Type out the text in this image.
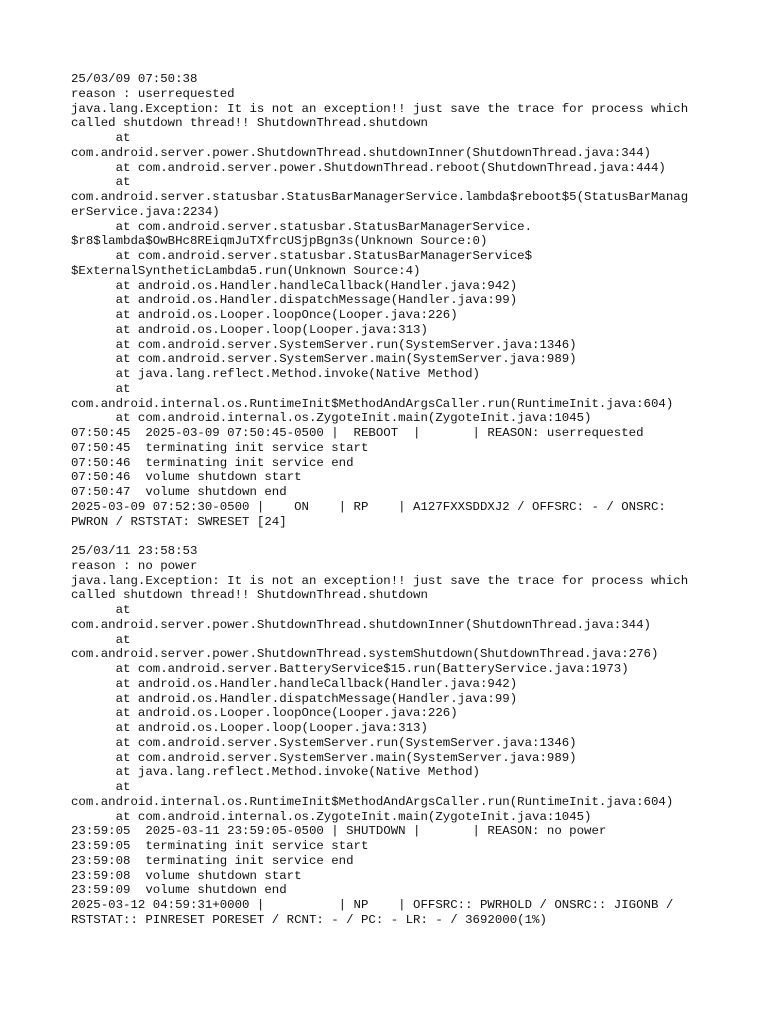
25/03/09 07:50:38
reason : userrequested
java.lang.Exception: It is not an exception!! just save the trace for process which
called shutdown thread!! ShutdownThread.shutdown
at
com.android.server.power.ShutdownThread.shutdownInner(ShutdownThread.java:344)
at com.android.server.power.ShutdownThread.reboot(ShutdownThread.java:444)
at
com.android.server.statusbar.StatusBarManagerService.lambda$reboot$5(StatusBarManag
erService.java:2234)
at com.android.server.statusbar.StatusBarManagerService.
$r8$lambda$OwBHc8REiqmJuTXfrcUSjpBgn3s(Unknown Source:0)
at com.android.server.statusbar.StatusBarManagerService$
$ExternalSyntheticLambda5.run(Unknown Source:4)
at android.os.Handler.handleCallback(Handler.java:942)
at android.os.Handler.dispatchMessage(Handler.java:99)
at android.os.Looper.loopOnce(Looper.java:226)
at android.os.Looper.loop(Looper.java:313)
at com.android.server.SystemServer.run(SystemServer.java:1346)
at com.android.server.SystemServer.main(SystemServer.java:989)
at java.lang.reflect.Method.invoke(Native Method)
at
com.android.internal.os.RuntimeInit$MethodAndArgsCaller.run(RuntimeInit.java:604)
at com.android.internal.os.ZygoteInit.main(ZygoteInit.java:1045)
07:50:45  2025-03-09 07:50:45-0500 |  REBOOT  |       | REASON: userrequested
07:50:45  terminating init service start
07:50:46  terminating init service end
07:50:46  volume shutdown start
07:50:47  volume shutdown end
2025-03-09 07:52:30-0500 |    ON    | RP    | A127FXXSDDXJ2 / OFFSRC: - / ONSRC:
PWRON / RSTSTAT: SWRESET [24]
25/03/11 23:58:53
reason : no power
java.lang.Exception: It is not an exception!! just save the trace for process which
called shutdown thread!! ShutdownThread.shutdown
at
com.android.server.power.ShutdownThread.shutdownInner(ShutdownThread.java:344)
at
com.android.server.power.ShutdownThread.systemShutdown(ShutdownThread.java:276)
at com.android.server.BatteryService$15.run(BatteryService.java:1973)
at android.os.Handler.handleCallback(Handler.java:942)
at android.os.Handler.dispatchMessage(Handler.java:99)
at android.os.Looper.loopOnce(Looper.java:226)
at android.os.Looper.loop(Looper.java:313)
at com.android.server.SystemServer.run(SystemServer.java:1346)
at com.android.server.SystemServer.main(SystemServer.java:989)
at java.lang.reflect.Method.invoke(Native Method)
at
com.android.internal.os.RuntimeInit$MethodAndArgsCaller.run(RuntimeInit.java:604)
at com.android.internal.os.ZygoteInit.main(ZygoteInit.java:1045)
23:59:05  2025-03-11 23:59:05-0500 | SHUTDOWN |       | REASON: no power
23:59:05  terminating init service start
23:59:08  terminating init service end
23:59:08  volume shutdown start
23:59:09  volume shutdown end
2025-03-12 04:59:31+0000 |          | NP    | OFFSRC:: PWRHOLD / ONSRC:: JIGONB /
RSTSTAT:: PINRESET PORESET / RCNT: - / PC: - LR: - / 3692000(1%)
